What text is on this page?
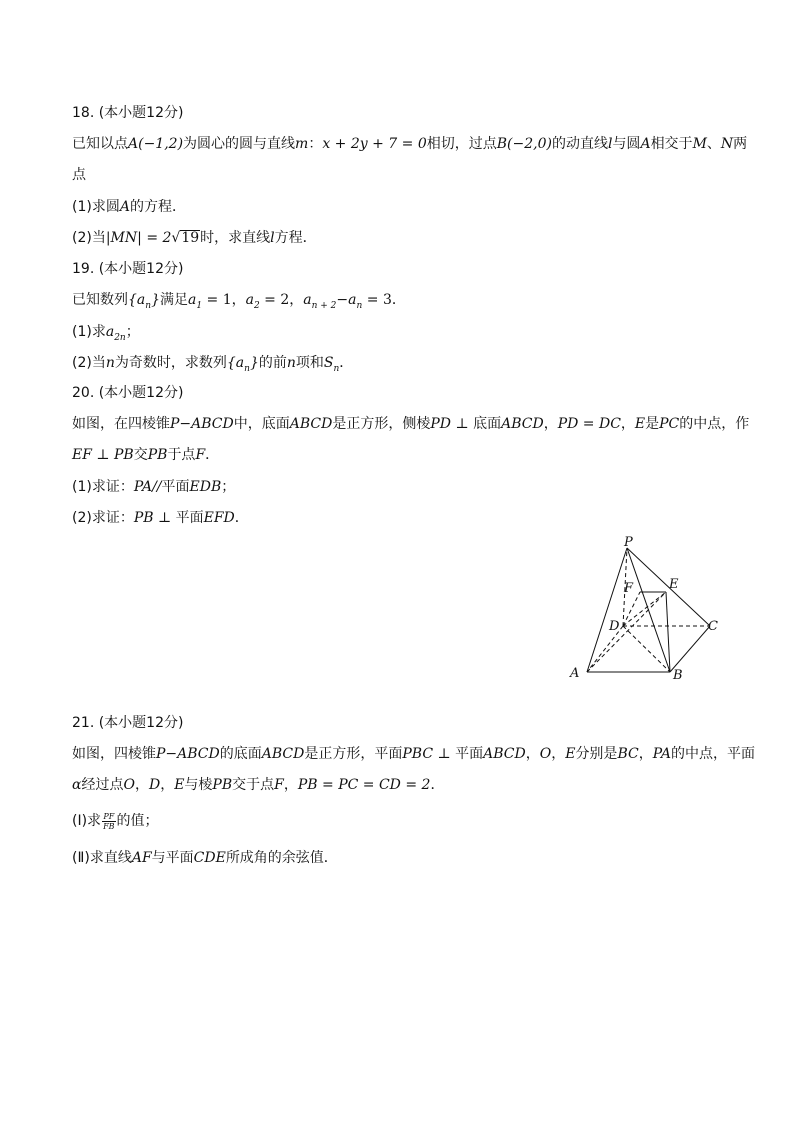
18. (本小题12分)
已知以点A(−1,2)为圆心的圆与直线m：x + 2y + 7 = 0相切，过点B(−2,0)的动直线l与圆A相交于M、N两
点
(1)求圆A的方程．
(2)当|MN| = 2√19时，求直线l方程．
19. (本小题12分)
已知数列$\{a_n\}$满足$a_1 = 1$，$a_2 = 2$，$a_{n + 2}-a_n = 3$．
(1)求$a_{2n}$；
(2)当n为奇数时，求数列$\{a_n\}$的前n项和$S_n$．
20. (本小题12分)
如图，在四棱锥P−ABCD中，底面ABCD是正方形，侧棱PD ⊥ 底面ABCD，PD = DC，E是PC的中点，作
EF ⊥ PB交PB于点F．
(1)求证：PA//平面EDB；
(2)求证：PB ⊥ 平面EFD．
P
E
F
D	C
A	B
21. (本小题12分)
如图，四棱锥P−ABCD的底面ABCD是正方形，平面PBC ⊥ 平面ABCD，O，E分别是BC，PA的中点，平面
α经过点O，D，E与棱PB交于点F，PB = PC = CD = 2．
(Ⅰ)求 $\frac{PF}{FB}$ 的值；
(Ⅱ)求直线AF与平面CDE所成角的余弦值．
